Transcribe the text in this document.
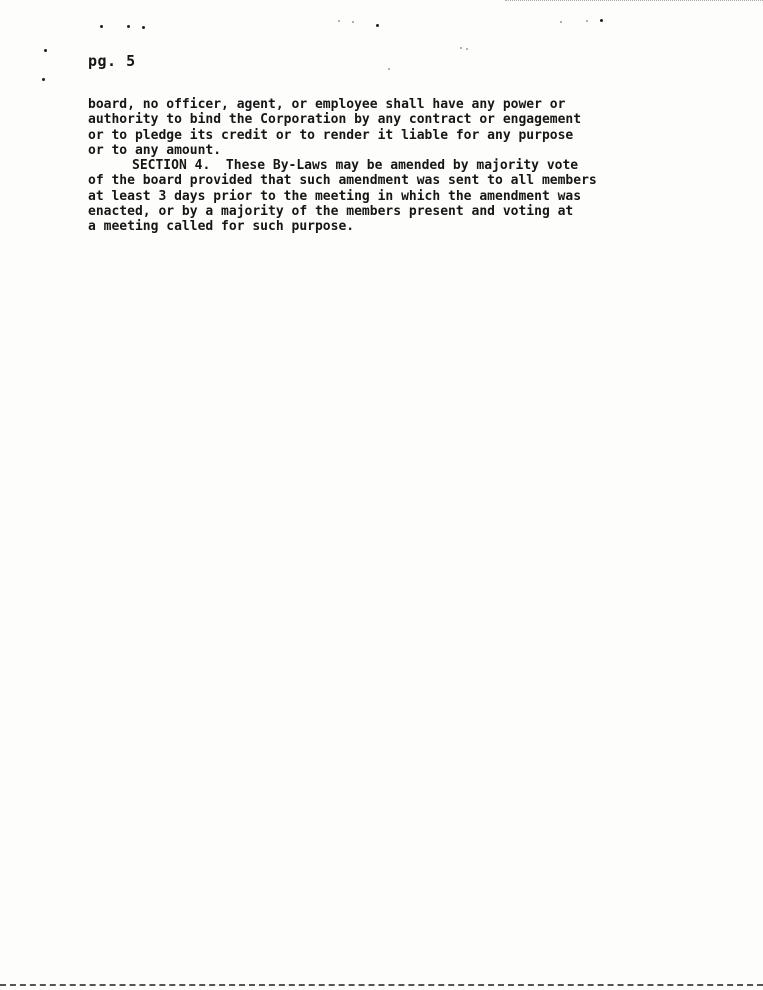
pg. 5
board, no officer, agent, or employee shall have any power or
authority to bind the Corporation by any contract or engagement
or to pledge its credit or to render it liable for any purpose
or to any amount.
SECTION 4.  These By-Laws may be amended by majority vote
of the board provided that such amendment was sent to all members
at least 3 days prior to the meeting in which the amendment was
enacted, or by a majority of the members present and voting at
a meeting called for such purpose.
